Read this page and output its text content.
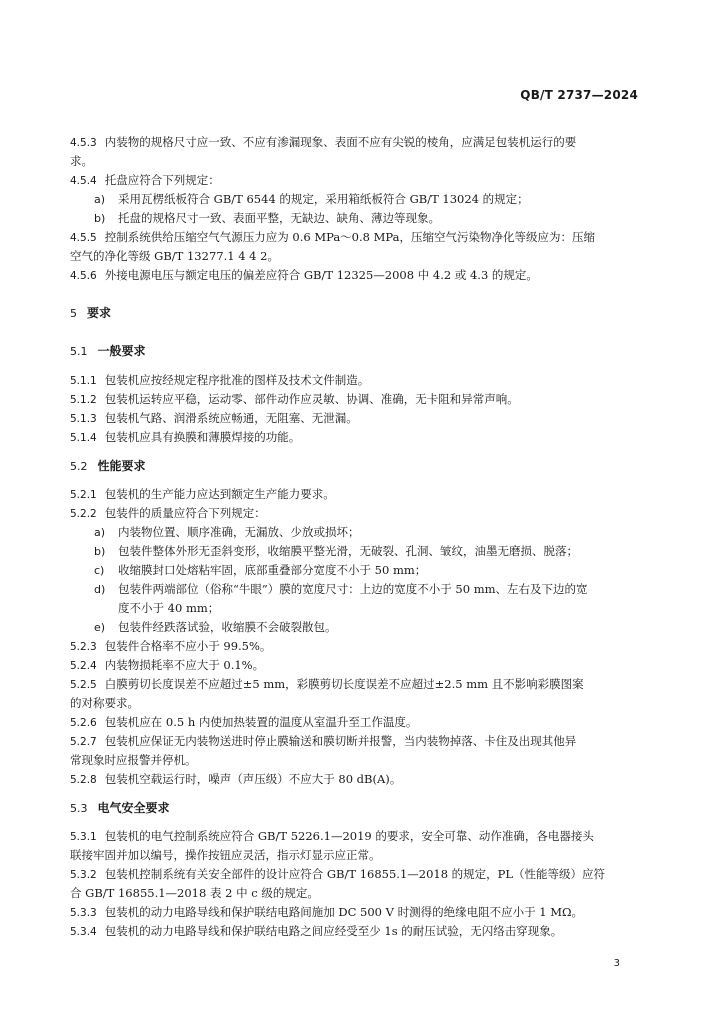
QB/T 2737—2024
4.5.3 内装物的规格尺寸应一致、不应有渗漏现象、表面不应有尖锐的棱角，应满足包装机运行的要
求。
4.5.4 托盘应符合下列规定：
a) 采用瓦楞纸板符合 GB/T 6544 的规定，采用箱纸板符合 GB/T 13024 的规定；
b) 托盘的规格尺寸一致、表面平整，无缺边、缺角、薄边等现象。
4.5.5 控制系统供给压缩空气气源压力应为 0.6 MPa～0.8 MPa，压缩空气污染物净化等级应为：压缩
空气的净化等级 GB/T 13277.1 4 4 2。
4.5.6 外接电源电压与额定电压的偏差应符合 GB/T 12325—2008 中 4.2 或 4.3 的规定。
5 要求
5.1 一般要求
5.1.1 包装机应按经规定程序批准的图样及技术文件制造。
5.1.2 包装机运转应平稳，运动零、部件动作应灵敏、协调、准确，无卡阻和异常声响。
5.1.3 包装机气路、润滑系统应畅通，无阻塞、无泄漏。
5.1.4 包装机应具有换膜和薄膜焊接的功能。
5.2 性能要求
5.2.1 包装机的生产能力应达到额定生产能力要求。
5.2.2 包装件的质量应符合下列规定：
a) 内装物位置、顺序准确，无漏放、少放或损坏；
b) 包装件整体外形无歪斜变形，收缩膜平整光滑，无破裂、孔洞、皱纹，油墨无磨损、脱落；
c) 收缩膜封口处熔粘牢固，底部重叠部分宽度不小于 50 mm；
d) 包装件两端部位（俗称“牛眼”）膜的宽度尺寸：上边的宽度不小于 50 mm、左右及下边的宽
度不小于 40 mm；
e) 包装件经跌落试验，收缩膜不会破裂散包。
5.2.3 包装件合格率不应小于 99.5%。
5.2.4 内装物损耗率不应大于 0.1%。
5.2.5 白膜剪切长度误差不应超过±5 mm，彩膜剪切长度误差不应超过±2.5 mm 且不影响彩膜图案
的对称要求。
5.2.6 包装机应在 0.5 h 内使加热装置的温度从室温升至工作温度。
5.2.7 包装机应保证无内装物送进时停止膜输送和膜切断并报警，当内装物掉落、卡住及出现其他异
常现象时应报警并停机。
5.2.8 包装机空载运行时，噪声（声压级）不应大于 80 dB(A)。
5.3 电气安全要求
5.3.1 包装机的电气控制系统应符合 GB/T 5226.1—2019 的要求，安全可靠、动作准确，各电器接头
联接牢固并加以编号，操作按钮应灵活，指示灯显示应正常。
5.3.2 包装机控制系统有关安全部件的设计应符合 GB/T 16855.1—2018 的规定，PL（性能等级）应符
合 GB/T 16855.1—2018 表 2 中 c 级的规定。
5.3.3 包装机的动力电路导线和保护联结电路间施加 DC 500 V 时测得的绝缘电阻不应小于 1 MΩ。
5.3.4 包装机的动力电路导线和保护联结电路之间应经受至少 1s 的耐压试验，无闪络击穿现象。
3
